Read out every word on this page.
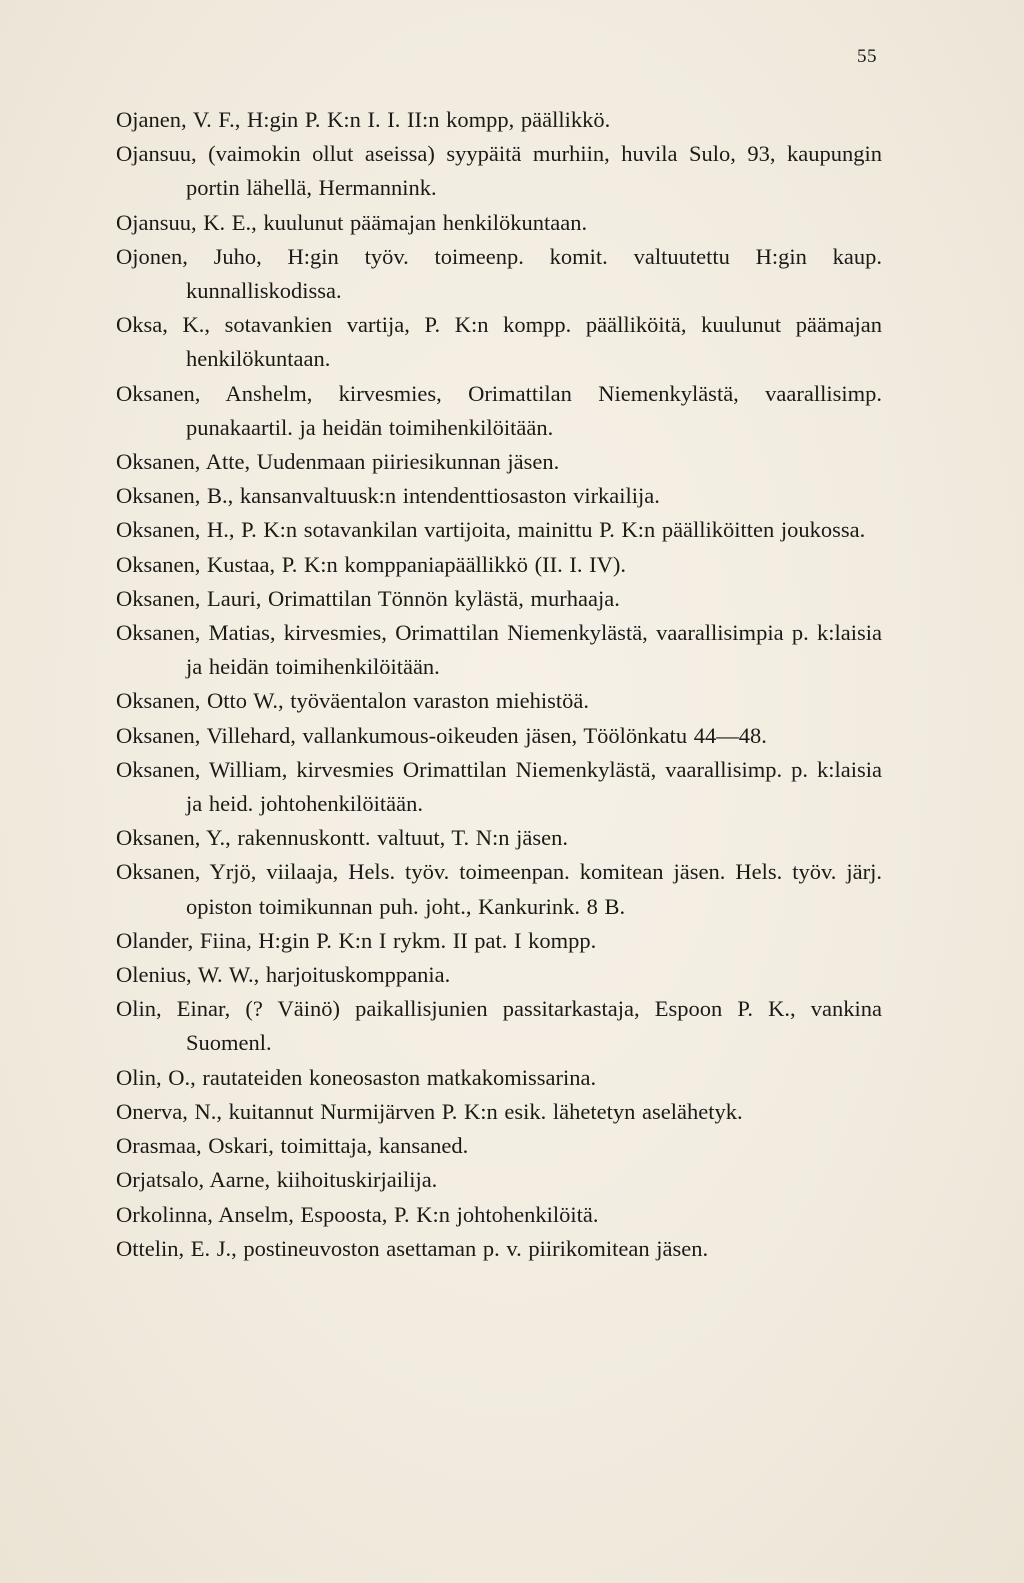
55

Ojanen, V. F., H:gin P. K:n I. I. II:n kompp, päällikkö.

Ojansuu, (vaimokin ollut aseissa) syypäitä murhiin, huvila Sulo, 93, kaupungin portin lähellä, Hermannink.

Ojansuu, K. E., kuulunut päämajan henkilökuntaan.

Ojonen, Juho, H:gin työv. toimeenp. komit. valtuutettu H:gin kaup. kunnalliskodissa.

Oksa, K., sotavankien vartija, P. K:n kompp. päälliköitä, kuulunut päämajan henkilökuntaan.

Oksanen, Anshelm, kirvesmies, Orimattilan Niemenkylästä, vaarallisimp. punakaartil. ja heidän toimihenkilöitään.

Oksanen, Atte, Uudenmaan piiriesikunnan jäsen.

Oksanen, B., kansanvaltuusk:n intendenttiosaston virkailija.

Oksanen, H., P. K:n sotavankilan vartijoita, mainittu P. K:n päälliköitten joukossa.

Oksanen, Kustaa, P. K:n komppaniapäällikkö (II. I. IV).

Oksanen, Lauri, Orimattilan Tönnön kylästä, murhaaja.

Oksanen, Matias, kirvesmies, Orimattilan Niemenkylästä, vaarallisimpia p. k:laisia ja heidän toimihenkilöitään.

Oksanen, Otto W., työväentalon varaston miehistöä.

Oksanen, Villehard, vallankumous-oikeuden jäsen, Töölönkatu 44—48.

Oksanen, William, kirvesmies Orimattilan Niemenkylästä, vaarallisimp. p. k:laisia ja heid. johtohenkilöitään.

Oksanen, Y., rakennuskontt. valtuut, T. N:n jäsen.

Oksanen, Yrjö, viilaaja, Hels. työv. toimeenpan. komitean jäsen. Hels. työv. järj. opiston toimikunnan puh. joht., Kankurink. 8 B.

Olander, Fiina, H:gin P. K:n I rykm. II pat. I kompp.

Olenius, W. W., harjoituskomppania.

Olin, Einar, (? Väinö) paikallisjunien passitarkastaja, Espoon P. K., vankina Suomenl.

Olin, O., rautateiden koneosaston matkakomissarina.

Onerva, N., kuitannut Nurmijärven P. K:n esik. lähetetyn aselähetyk.

Orasmaa, Oskari, toimittaja, kansaned.

Orjatsalo, Aarne, kiihoituskirjailija.

Orkolinna, Anselm, Espoosta, P. K:n johtohenkilöitä.

Ottelin, E. J., postineuvoston asettaman p. v. piirikomitean jäsen.
